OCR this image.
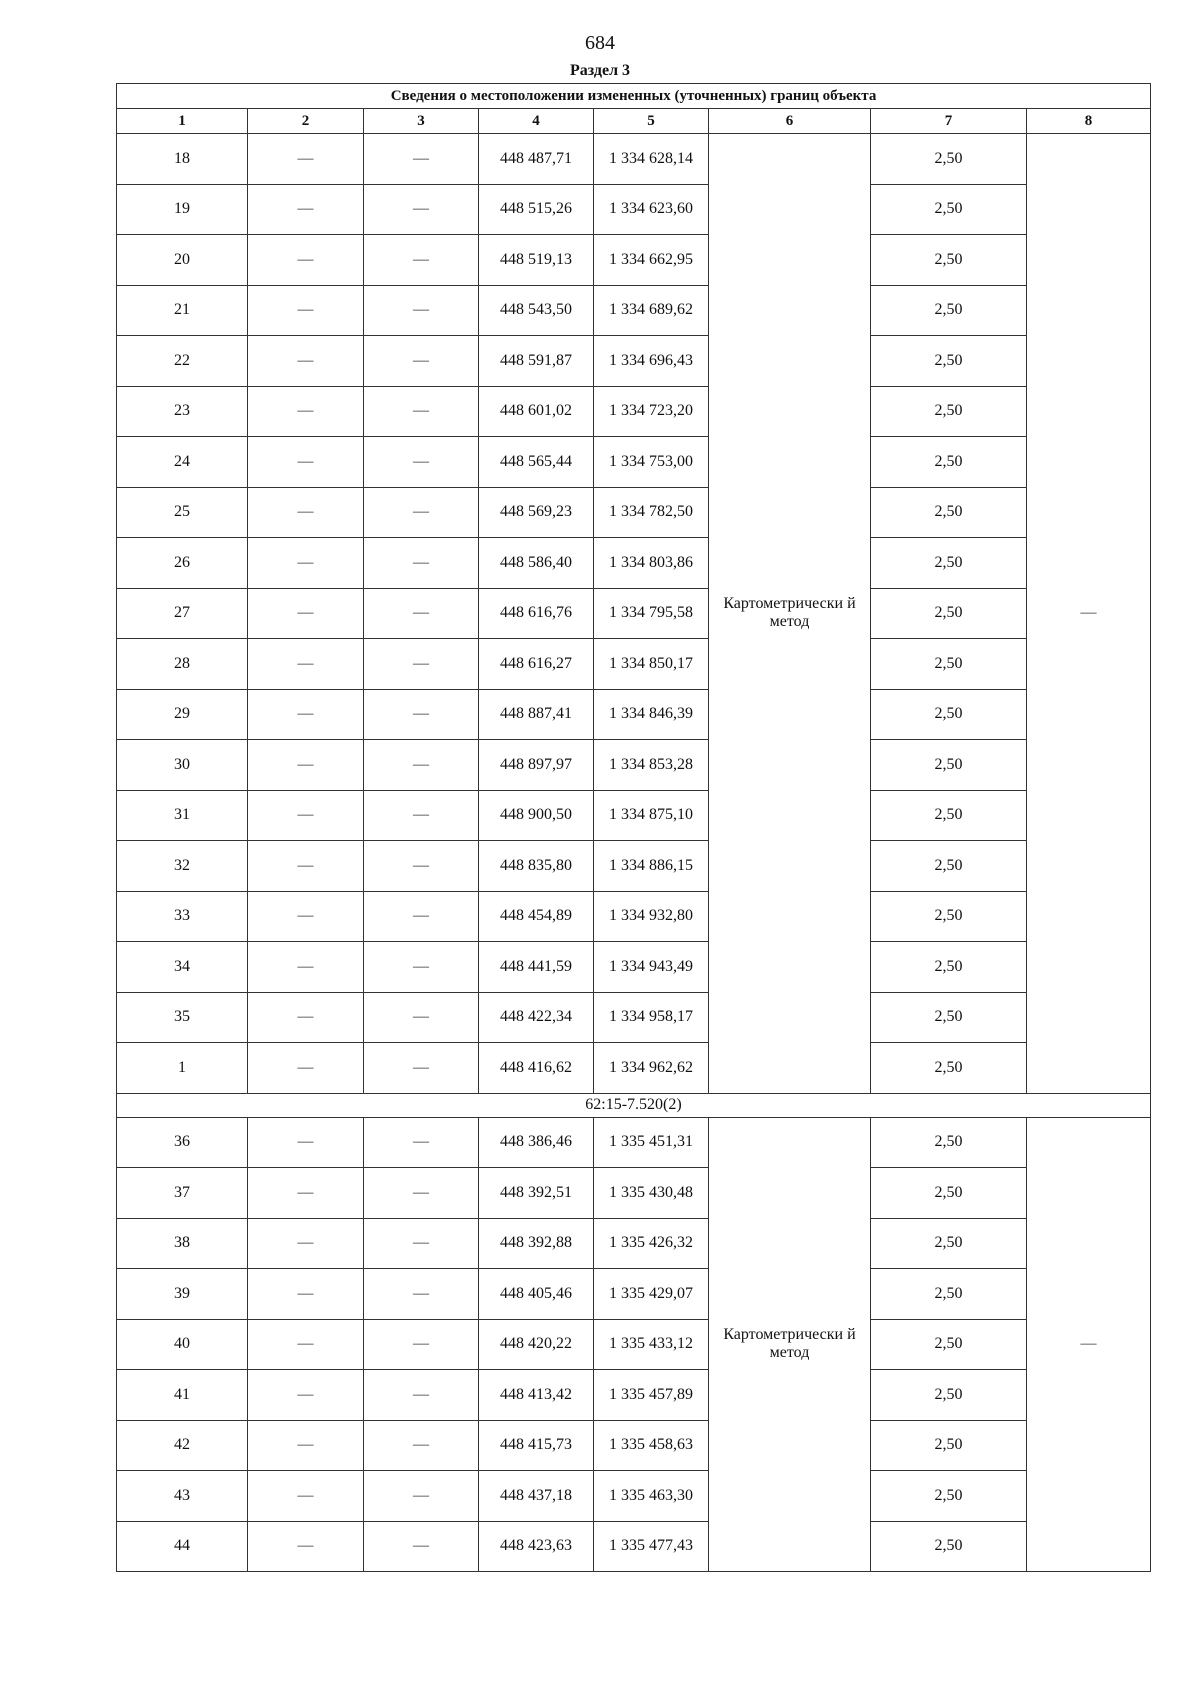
684
Раздел 3
Сведения о местоположении измененных (уточненных) границ объекта							
1	2	3	4	5	6	7	8
18	—	—	448 487,71	1 334 628,14	Картометрически й метод	2,50	—
19	—	—	448 515,26	1 334 623,60		2,50	
20	—	—	448 519,13	1 334 662,95		2,50	
21	—	—	448 543,50	1 334 689,62		2,50	
22	—	—	448 591,87	1 334 696,43		2,50	
23	—	—	448 601,02	1 334 723,20		2,50	
24	—	—	448 565,44	1 334 753,00		2,50	
25	—	—	448 569,23	1 334 782,50		2,50	
26	—	—	448 586,40	1 334 803,86		2,50	
27	—	—	448 616,76	1 334 795,58		2,50	
28	—	—	448 616,27	1 334 850,17		2,50	
29	—	—	448 887,41	1 334 846,39		2,50	
30	—	—	448 897,97	1 334 853,28		2,50	
31	—	—	448 900,50	1 334 875,10		2,50	
32	—	—	448 835,80	1 334 886,15		2,50	
33	—	—	448 454,89	1 334 932,80		2,50	
34	—	—	448 441,59	1 334 943,49		2,50	
35	—	—	448 422,34	1 334 958,17		2,50	
1	—	—	448 416,62	1 334 962,62		2,50	
62:15-7.520(2)							
36	—	—	448 386,46	1 335 451,31	Картометрически й метод	2,50	—
37	—	—	448 392,51	1 335 430,48		2,50	
38	—	—	448 392,88	1 335 426,32		2,50	
39	—	—	448 405,46	1 335 429,07		2,50	
40	—	—	448 420,22	1 335 433,12		2,50	
41	—	—	448 413,42	1 335 457,89		2,50	
42	—	—	448 415,73	1 335 458,63		2,50	
43	—	—	448 437,18	1 335 463,30		2,50	
44	—	—	448 423,63	1 335 477,43		2,50	
